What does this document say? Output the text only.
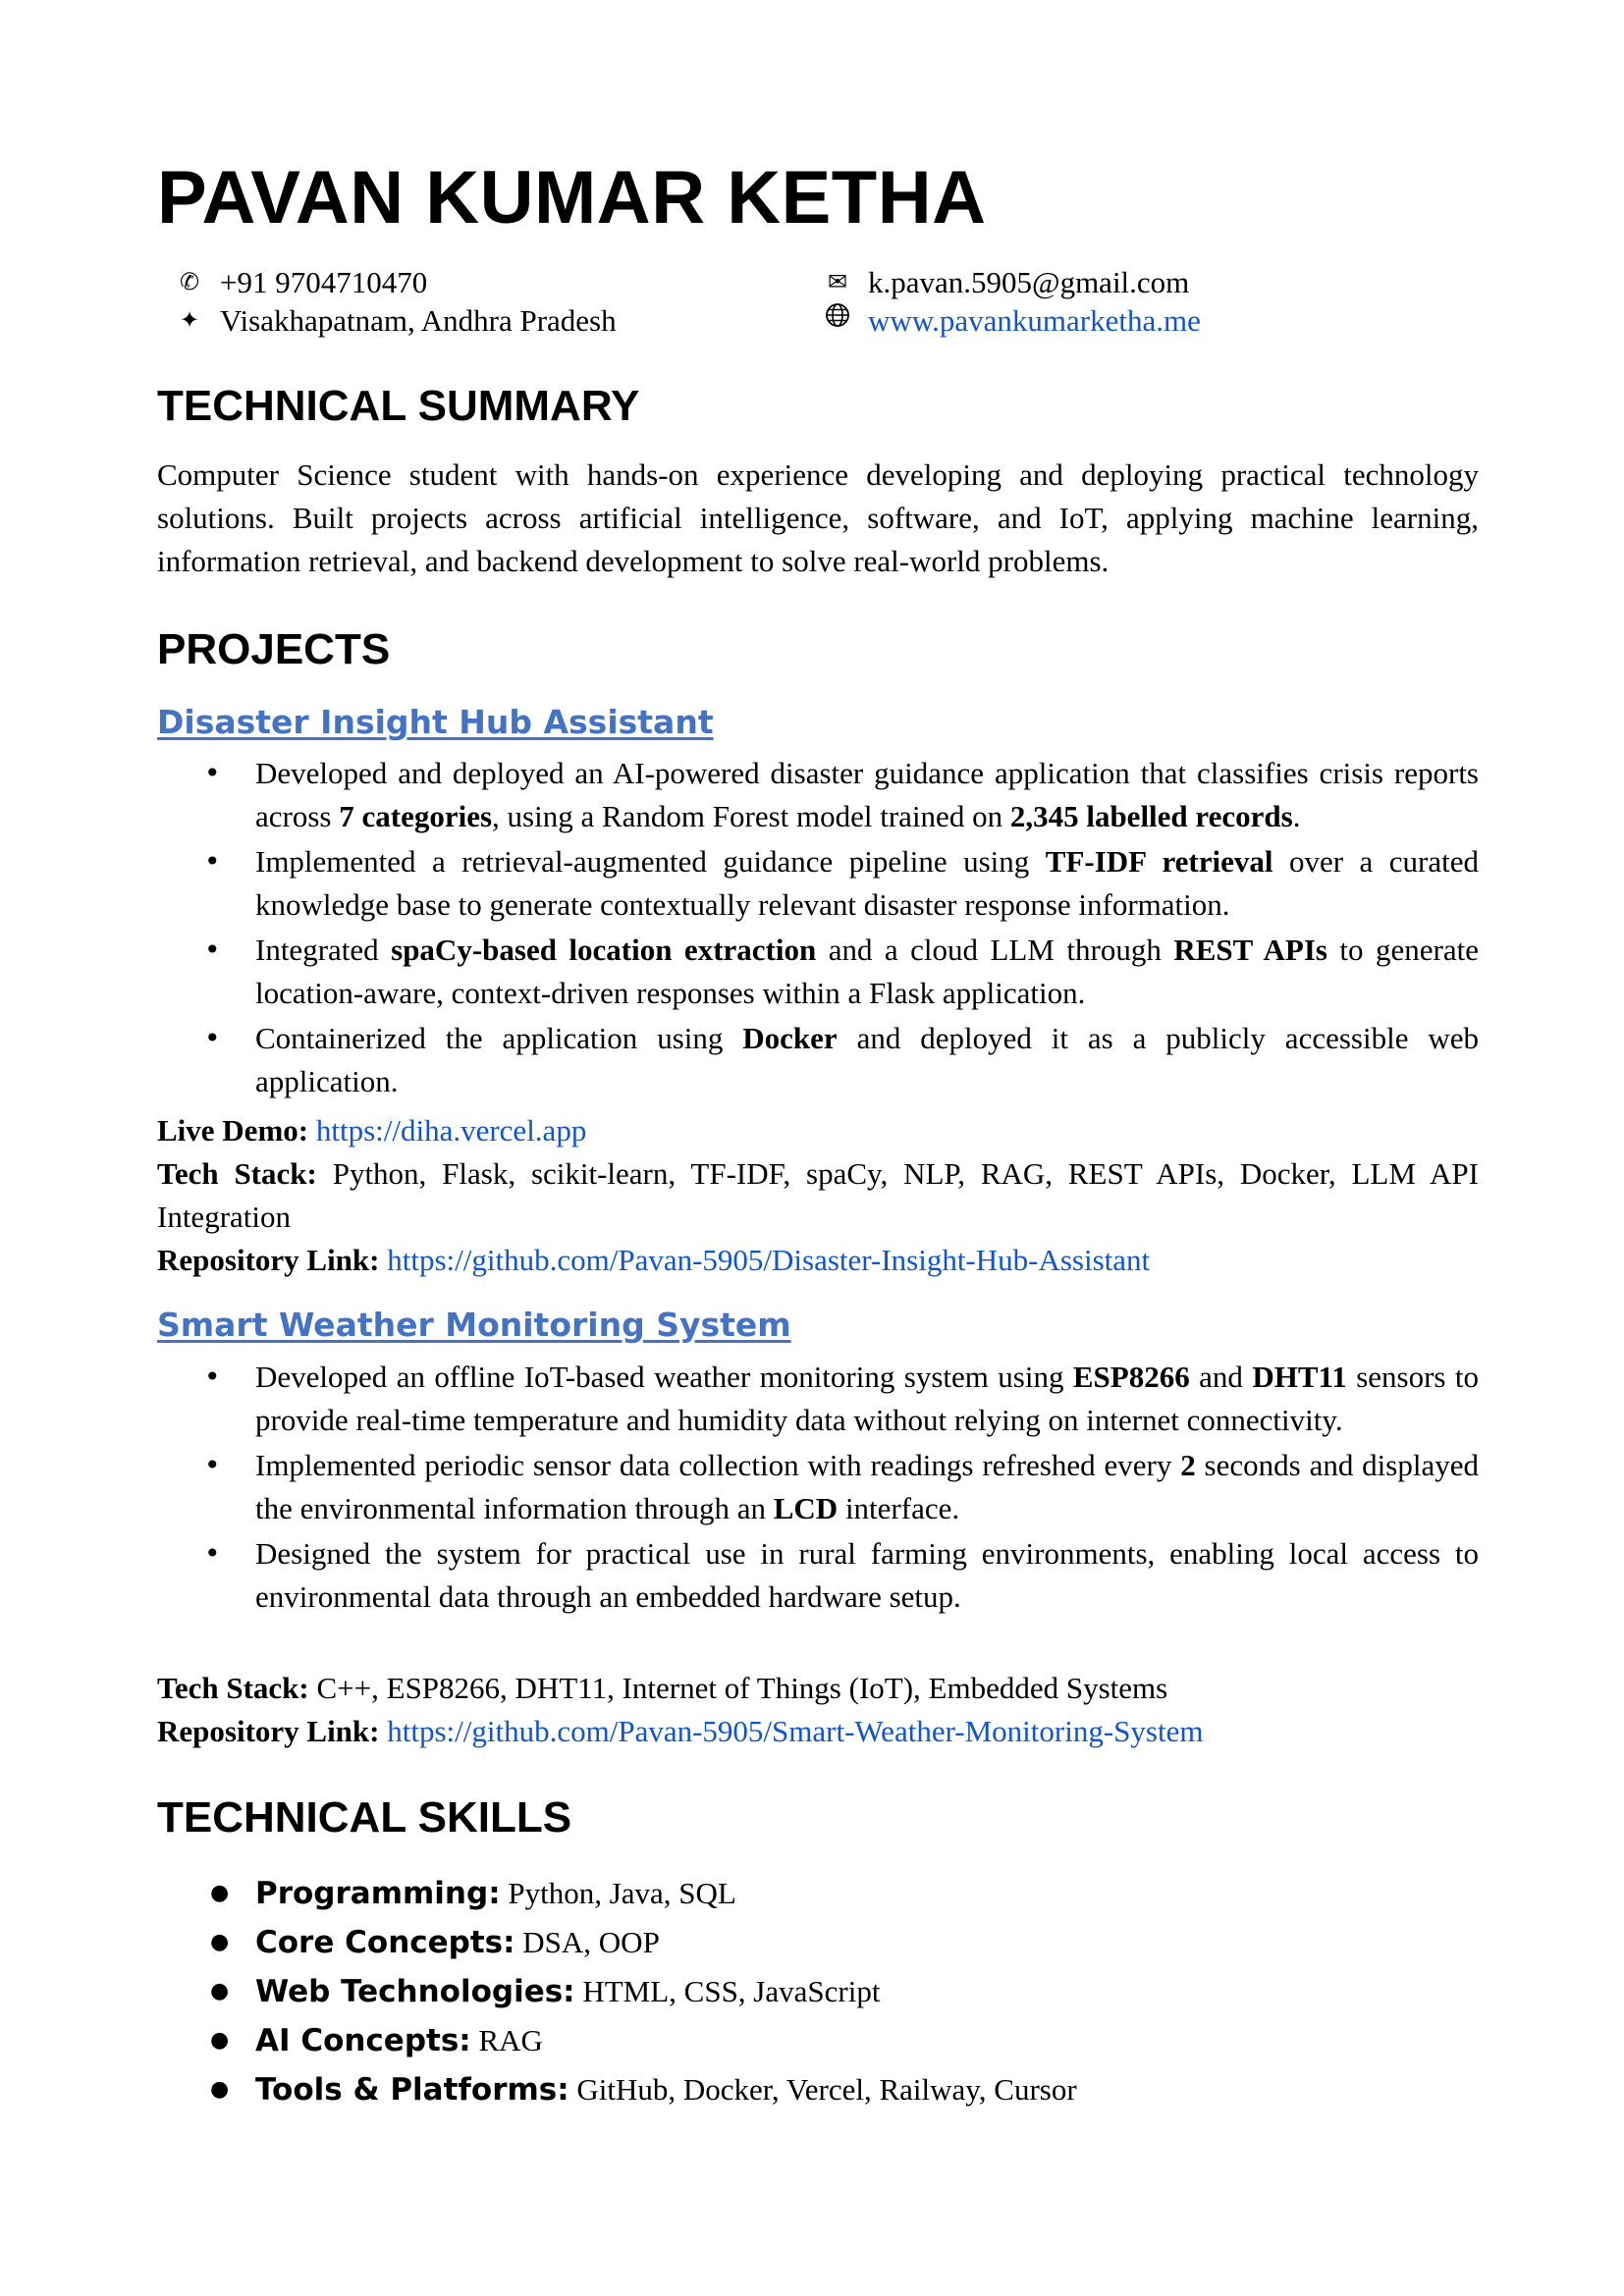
PAVAN KUMAR KETHA
✆ +91 9704710470
✦ Visakhapatnam, Andhra Pradesh
✉ k.pavan.5905@gmail.com
www.pavankumarketha.me
TECHNICAL SUMMARY
Computer Science student with hands-on experience developing and deploying practical technology solutions. Built projects across artificial intelligence, software, and IoT, applying machine learning, information retrieval, and backend development to solve real-world problems.
PROJECTS
Disaster Insight Hub Assistant
• Developed and deployed an AI-powered disaster guidance application that classifies crisis reports across 7 categories, using a Random Forest model trained on 2,345 labelled records.
• Implemented a retrieval-augmented guidance pipeline using TF-IDF retrieval over a curated knowledge base to generate contextually relevant disaster response information.
• Integrated spaCy-based location extraction and a cloud LLM through REST APIs to generate location-aware, context-driven responses within a Flask application.
• Containerized the application using Docker and deployed it as a publicly accessible web application.
Live Demo: https://diha.vercel.app
Tech Stack: Python, Flask, scikit-learn, TF-IDF, spaCy, NLP, RAG, REST APIs, Docker, LLM API Integration
Repository Link: https://github.com/Pavan-5905/Disaster-Insight-Hub-Assistant
Smart Weather Monitoring System
• Developed an offline IoT-based weather monitoring system using ESP8266 and DHT11 sensors to provide real-time temperature and humidity data without relying on internet connectivity.
• Implemented periodic sensor data collection with readings refreshed every 2 seconds and displayed the environmental information through an LCD interface.
• Designed the system for practical use in rural farming environments, enabling local access to environmental data through an embedded hardware setup.
Tech Stack: C++, ESP8266, DHT11, Internet of Things (IoT), Embedded Systems
Repository Link: https://github.com/Pavan-5905/Smart-Weather-Monitoring-System
TECHNICAL SKILLS
● Programming: Python, Java, SQL
● Core Concepts: DSA, OOP
● Web Technologies: HTML, CSS, JavaScript
● AI Concepts: RAG
● Tools & Platforms: GitHub, Docker, Vercel, Railway, Cursor
